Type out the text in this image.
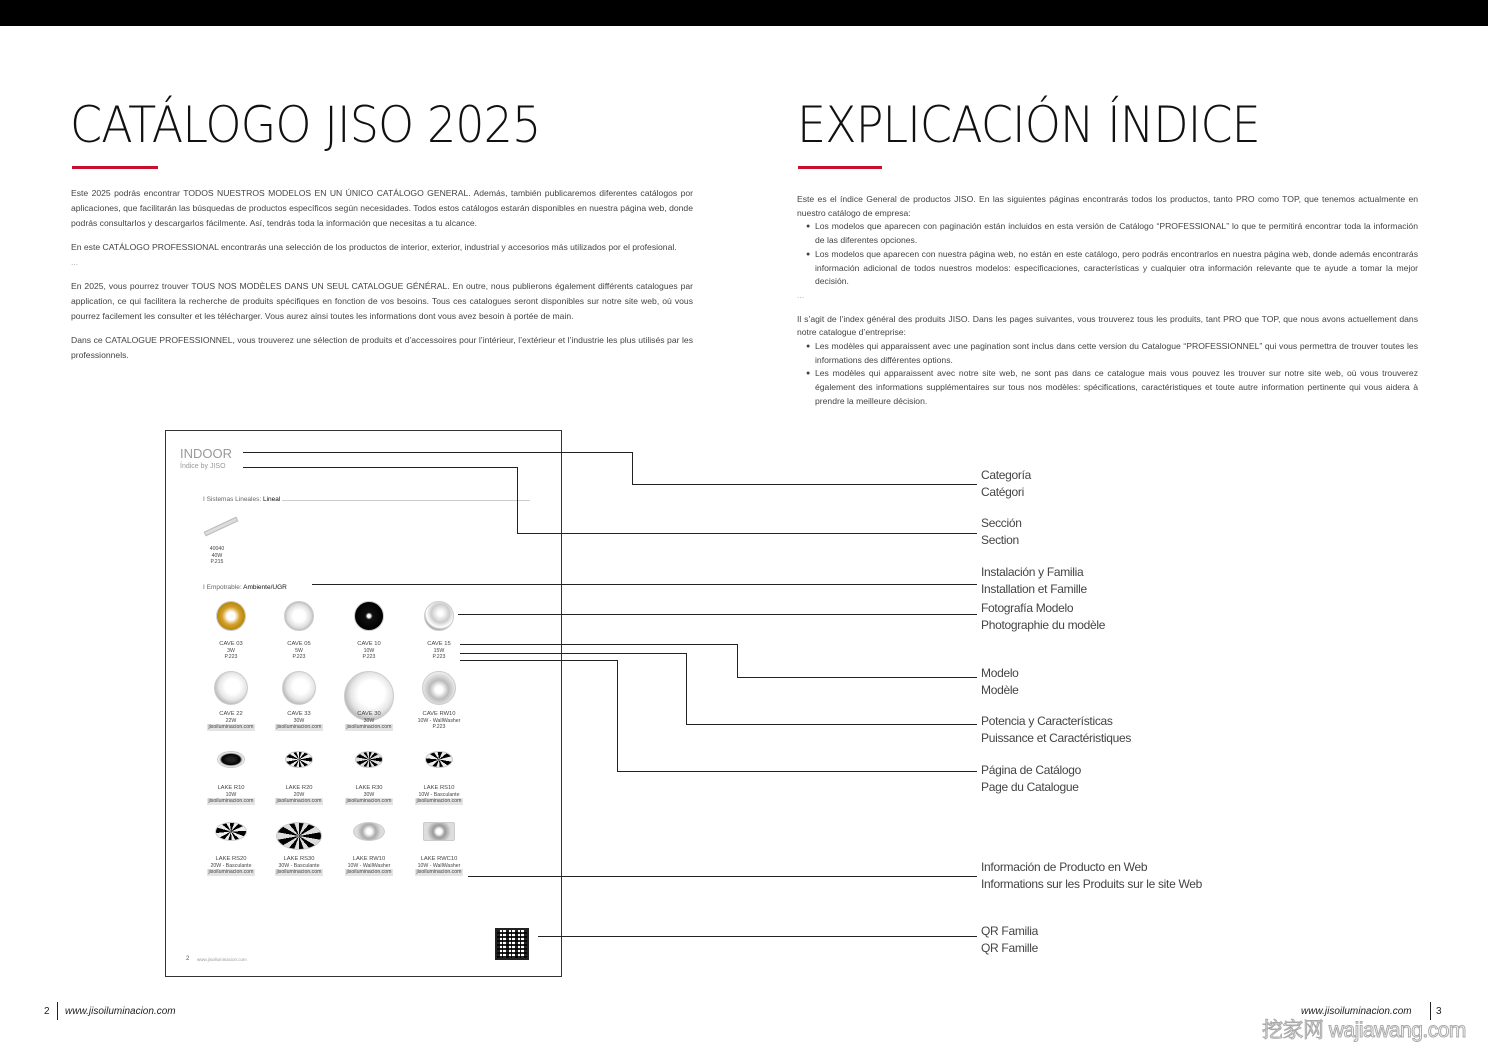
CATÁLOGO JISO 2025

Este 2025 podrás encontrar TODOS NUESTROS MODELOS EN UN ÚNICO CATÁLOGO GENERAL. Además, también publicaremos diferentes catálogos por aplicaciones, que facilitarán las búsquedas de productos específicos según necesidades. Todos estos catálogos estarán disponibles en nuestra página web, donde podrás consultarlos y descargarlos fácilmente. Así, tendrás toda la información que necesitas a tu alcance.

En este CATÁLOGO PROFESSIONAL encontrarás una selección de los productos de interior, exterior, industrial y accesorios más utilizados por el profesional.

...

En 2025, vous pourrez trouver TOUS NOS MODÈLES DANS UN SEUL CATALOGUE GÉNÉRAL. En outre, nous publierons également différents catalogues par application, ce qui facilitera la recherche de produits spécifiques en fonction de vos besoins. Tous ces catalogues seront disponibles sur notre site web, où vous pourrez facilement les consulter et les télécharger. Vous aurez ainsi toutes les informations dont vous avez besoin à portée de main.

Dans ce CATALOGUE PROFESSIONNEL, vous trouverez une sélection de produits et d’accessoires pour l’intérieur, l’extérieur et l’industrie les plus utilisés par les professionnels.

EXPLICACIÓN ÍNDICE

Este es el índice General de productos JISO. En las siguientes páginas encontrarás todos los productos, tanto PRO como TOP, que tenemos actualmente en nuestro catálogo de empresa:

● Los modelos que aparecen con paginación están incluidos en esta versión de Catálogo “PROFESSIONAL” lo que te permitirá encontrar toda la información de las diferentes opciones.

● Los modelos que aparecen con nuestra página web, no están en este catálogo, pero podrás encontrarlos en nuestra página web, donde además encontrarás información adicional de todos nuestros modelos: especificaciones, características y cualquier otra información relevante que te ayude a tomar la mejor decisión.

...

Il s’agit de l’index général des produits JISO. Dans les pages suivantes, vous trouverez tous les produits, tant PRO que TOP, que nous avons actuellement dans notre catalogue d’entreprise:

● Les modèles qui apparaissent avec une pagination sont inclus dans cette version du Catalogue “PROFESSIONNEL” qui vous permettra de trouver toutes les informations des différentes options.

● Les modèles qui apparaissent avec notre site web, ne sont pas dans ce catalogue mais vous pouvez les trouver sur notre site web, où vous trouverez également des informations supplémentaires sur tous nos modèles: spécifications, caractéristiques et toute autre information pertinente qui vous aidera à prendre la meilleure décision.

INDOOR
Índice by JISO
I Sistemas Lineales: Lineal
40040
40W
P.215
I Empotrable: Ambiente/UGR
CAVE 03
3W
P.223
CAVE 05
5W
P.223
CAVE 10
10W
P.223
CAVE 15
15W
P.223
CAVE 22
22W
jisoiluminacion.com
CAVE 33
30W
jisoiluminacion.com
CAVE 30
30W
jisoiluminacion.com
CAVE RW10
10W - WallWasher
P.223
LAKE R10
10W
jisoiluminacion.com
LAKE R20
20W
jisoiluminacion.com
LAKE R30
30W
jisoiluminacion.com
LAKE RS10
10W - Basculante
jisoiluminacion.com
LAKE RS20
20W - Basculante
jisoiluminacion.com
LAKE RS30
30W - Basculante
jisoiluminacion.com
LAKE RW10
10W - WallWasher
jisoiluminacion.com
LAKE RWC10
10W - WallWasher
jisoiluminacion.com
2 www.jisoiluminacion.com
Categoría
Catégori
Sección
Section
Instalación y Familia
Installation et Famille
Fotografía Modelo
Photographie du modèle
Modelo
Modèle
Potencia y Características
Puissance et Caractéristiques
Página de Catálogo
Page du Catalogue
Información de Producto en Web
Informations sur les Produits sur le site Web
QR Familia
QR Famille
2 www.jisoiluminacion.com	www.jisoiluminacion.com 3
挖家网 wajiawang.com
